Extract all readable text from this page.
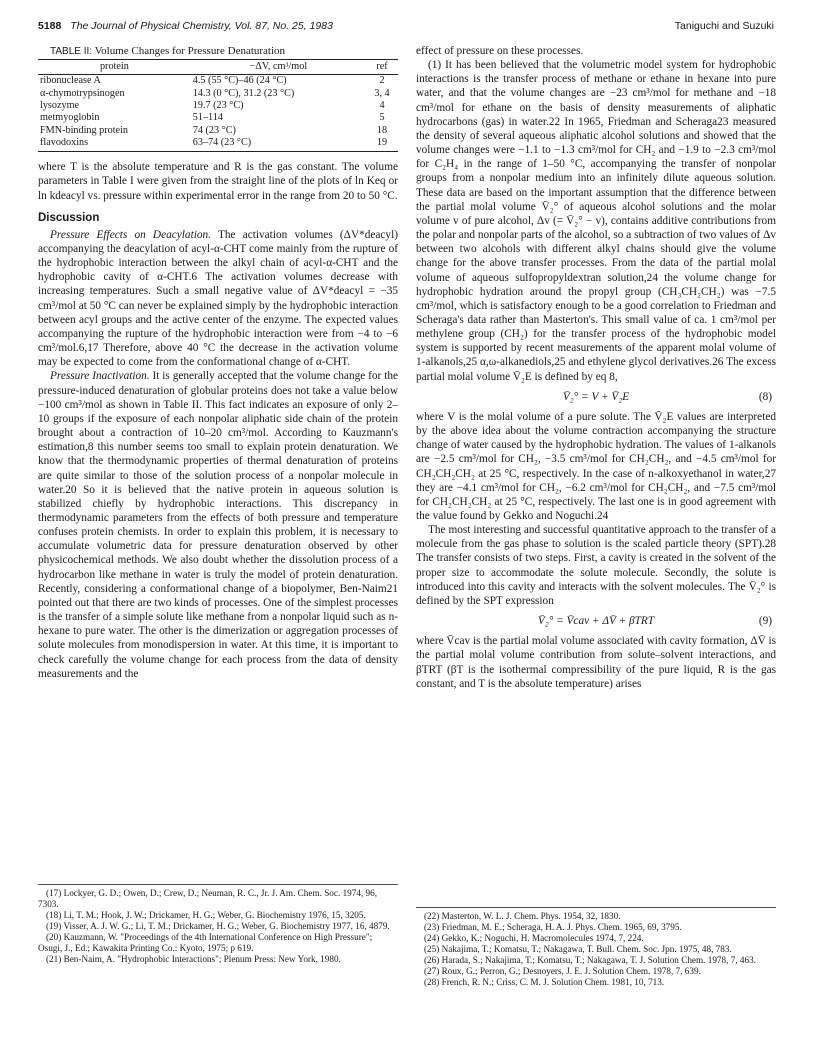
5188 The Journal of Physical Chemistry, Vol. 87, No. 25, 1983	Taniguchi and Suzuki

TABLE II: Volume Changes for Pressure Denaturation

protein	−ΔV, cm³/mol	ref
ribonuclease A	4.5 (55 °C)–46 (24 °C)	2
α-chymotrypsinogen	14.3 (0 °C), 31.2 (23 °C)	3, 4
lysozyme	19.7 (23 °C)	4
metmyoglobin	51–114	5
FMN-binding protein	74 (23 °C)	18
flavodoxins	63–74 (23 °C)	19

where T is the absolute temperature and R is the gas constant. The volume parameters in Table I were given from the straight line of the plots of ln Keq or ln kdeacyl vs. pressure within experimental error in the range from 20 to 50 °C.

Discussion

Pressure Effects on Deacylation. The activation volumes (ΔV*deacyl) accompanying the deacylation of acyl-α-CHT come mainly from the rupture of the hydrophobic interaction between the alkyl chain of acyl-α-CHT and the hydrophobic cavity of α-CHT.6 The activation volumes decrease with increasing temperatures. Such a small negative value of ΔV*deacyl = −35 cm³/mol at 50 °C can never be explained simply by the hydrophobic interaction between acyl groups and the active center of the enzyme. The expected values accompanying the rupture of the hydrophobic interaction were from −4 to −6 cm³/mol.6,17 Therefore, above 40 °C the decrease in the activation volume may be expected to come from the conformational change of α-CHT.

Pressure Inactivation. It is generally accepted that the volume change for the pressure-induced denaturation of globular proteins does not take a value below −100 cm³/mol as shown in Table II. This fact indicates an exposure of only 2–10 groups if the exposure of each nonpolar aliphatic side chain of the protein brought about a contraction of 10–20 cm³/mol. According to Kauzmann's estimation,8 this number seems too small to explain protein denaturation. We know that the thermodynamic properties of thermal denaturation of proteins are quite similar to those of the solution process of a nonpolar molecule in water.20 So it is believed that the native protein in aqueous solution is stabilized chiefly by hydrophobic interactions. This discrepancy in thermodynamic parameters from the effects of both pressure and temperature confuses protein chemists. In order to explain this problem, it is necessary to accumulate volumetric data for pressure denaturation observed by other physicochemical methods. We also doubt whether the dissolution process of a hydrocarbon like methane in water is truly the model of protein denaturation. Recently, considering a conformational change of a biopolymer, Ben-Naim21 pointed out that there are two kinds of processes. One of the simplest processes is the transfer of a simple solute like methane from a nonpolar liquid such as n-hexane to pure water. The other is the dimerization or aggregation processes of solute molecules from monodispersion in water. At this time, it is important to check carefully the volume change for each process from the data of density measurements and the

effect of pressure on these processes.

(1) It has been believed that the volumetric model system for hydrophobic interactions is the transfer process of methane or ethane in hexane into pure water, and that the volume changes are −23 cm³/mol for methane and −18 cm³/mol for ethane on the basis of density measurements of aliphatic hydrocarbons (gas) in water.22 In 1965, Friedman and Scheraga23 measured the density of several aqueous aliphatic alcohol solutions and showed that the volume changes were −1.1 to −1.3 cm³/mol for CH₂ and −1.9 to −2.3 cm³/mol for C₂H₄ in the range of 1–50 °C, accompanying the transfer of nonpolar groups from a nonpolar medium into an infinitely dilute aqueous solution. These data are based on the important assumption that the difference between the partial molal volume V̄₂° of aqueous alcohol solutions and the molar volume v of pure alcohol, Δv (= V̄₂° − v), contains additive contributions from the polar and nonpolar parts of the alcohol, so a subtraction of two values of Δv between two alcohols with different alkyl chains should give the volume change for the above transfer processes. From the data of the partial molal volume of aqueous sulfopropyldextran solution,24 the volume change for hydrophobic hydration around the propyl group (CH₃CH₂CH₂) was −7.5 cm³/mol, which is satisfactory enough to be a good correlation to Friedman and Scheraga's data rather than Masterton's. This small value of ca. 1 cm³/mol per methylene group (CH₂) for the transfer process of the hydrophobic model system is supported by recent measurements of the apparent molal volume of 1-alkanols,25 α,ω-alkanediols,25 and ethylene glycol derivatives.26 The excess partial molal volume V̄₂E is defined by eq 8,

V̄₂° = V + V̄₂E	(8)

where V is the molal volume of a pure solute. The V̄₂E values are interpreted by the above idea about the volume contraction accompanying the structure change of water caused by the hydrophobic hydration. The values of 1-alkanols are −2.5 cm³/mol for CH₂, −3.5 cm³/mol for CH₂CH₂, and −4.5 cm³/mol for CH₂CH₂CH₂ at 25 °C, respectively. In the case of n-alkoxyethanol in water,27 they are −4.1 cm³/mol for CH₂, −6.2 cm³/mol for CH₂CH₂, and −7.5 cm³/mol for CH₂CH₂CH₂ at 25 °C, respectively. The last one is in good agreement with the value found by Gekko and Noguchi.24

The most interesting and successful quantitative approach to the transfer of a molecule from the gas phase to solution is the scaled particle theory (SPT).28 The transfer consists of two steps. First, a cavity is created in the solvent of the proper size to accommodate the solute molecule. Secondly, the solute is introduced into this cavity and interacts with the solvent molecules. The V̄₂° is defined by the SPT expression

V̄₂° = V̄cav + ΔV̄ + βTRT	(9)

where V̄cav is the partial molal volume associated with cavity formation, ΔV̄ is the partial molal volume contribution from solute–solvent interactions, and βTRT (βT is the isothermal compressibility of the pure liquid, R is the gas constant, and T is the absolute temperature) arises

(17) Lockyer, G. D.; Owen, D.; Crew, D.; Neuman, R. C., Jr. J. Am. Chem. Soc. 1974, 96, 7303.

(18) Li, T. M.; Hook, J. W.; Drickamer, H. G.; Weber, G. Biochemistry 1976, 15, 3205.

(19) Visser, A. J. W. G.; Li, T. M.; Drickamer, H. G.; Weber, G. Biochemistry 1977, 16, 4879.

(20) Kauzmann, W. "Proceedings of the 4th International Conference on High Pressure"; Osugi, J., Ed.; Kawakita Printing Co.: Kyoto, 1975; p 619.

(21) Ben-Naim, A. "Hydrophobic Interactions"; Plenum Press: New York, 1980.

(22) Masterton, W. L. J. Chem. Phys. 1954, 32, 1830.

(23) Friedman, M. E.; Scheraga, H. A. J. Phys. Chem. 1965, 69, 3795.

(24) Gekko, K.; Noguchi, H. Macromolecules 1974, 7, 224.

(25) Nakajima, T.; Komatsu, T.; Nakagawa, T. Bull. Chem. Soc. Jpn. 1975, 48, 783.

(26) Harada, S.; Nakajima, T.; Komatsu, T.; Nakagawa, T. J. Solution Chem. 1978, 7, 463.

(27) Roux, G.; Perron, G.; Desnoyers, J. E. J. Solution Chem. 1978, 7, 639.

(28) French, R. N.; Criss, C. M. J. Solution Chem. 1981, 10, 713.
